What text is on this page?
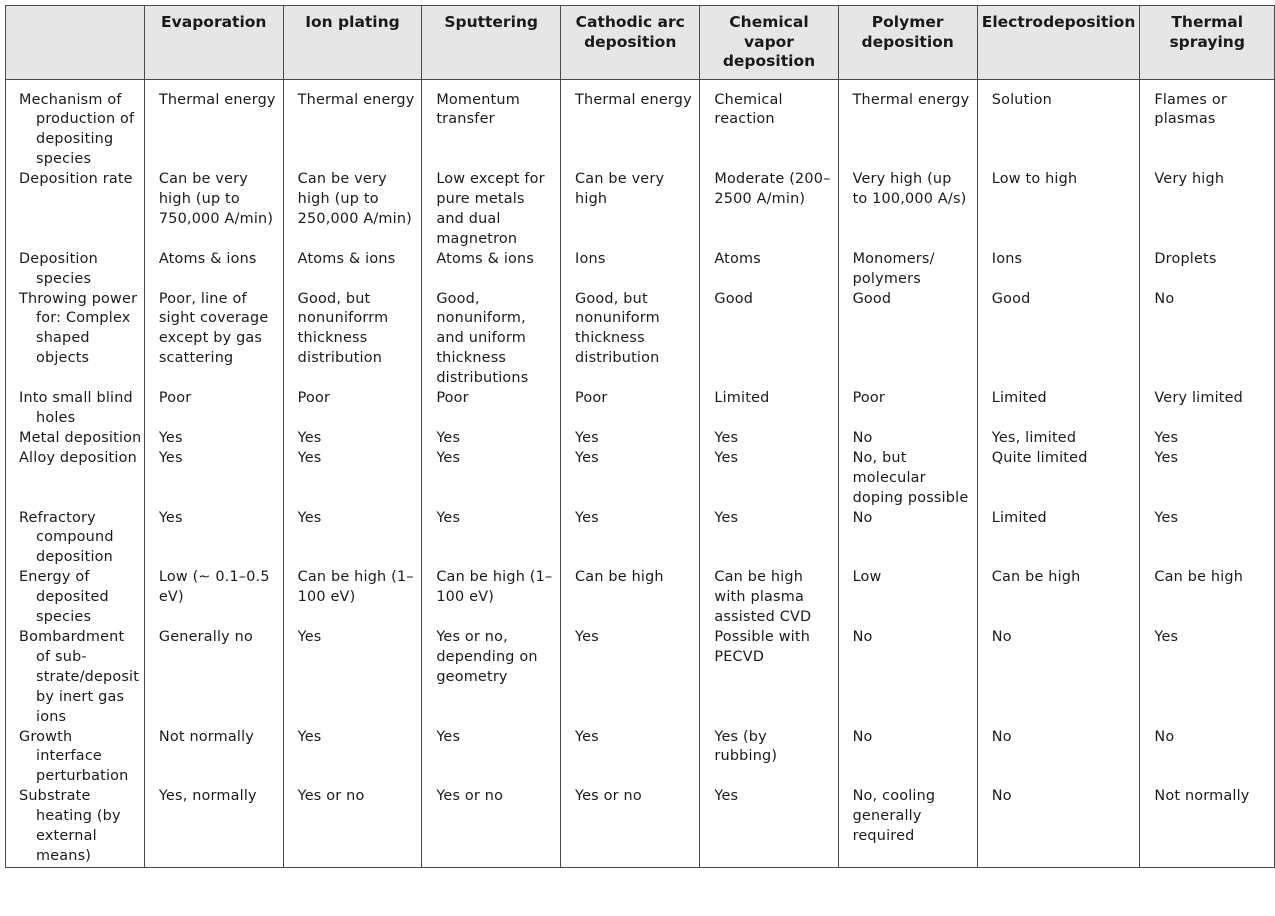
	Evaporation	Ion plating	Sputtering	Cathodic arc deposition	Chemical vapor deposition	Polymer deposition	Electrodeposition	Thermal spraying

Mechanism of production of depositing species	Thermal energy	Thermal energy	Momentum transfer	Thermal energy	Chemical reaction	Thermal energy	Solution	Flames or plasmas

Deposition rate	Can be very high (up to 750,000 A/min)	Can be very high (up to 250,000 A/min)	Low except for pure metals and dual magnetron	Can be very high	Moderate (200–2500 A/min)	Very high (up to 100,000 A/s)	Low to high	Very high

Deposition species	Atoms & ions	Atoms & ions	Atoms & ions	Ions	Atoms	Monomers/ polymers	Ions	Droplets

Throwing power for: Complex shaped objects	Poor, line of sight coverage except by gas scattering	Good, but nonuniforrm thickness distribution	Good, nonuniform, and uniform thickness distributions	Good, but nonuniform thickness distribution	Good	Good	Good	No

Into small blind holes	Poor	Poor	Poor	Poor	Limited	Poor	Limited	Very limited

Metal deposition	Yes	Yes	Yes	Yes	Yes	No	Yes, limited	Yes

Alloy deposition	Yes	Yes	Yes	Yes	Yes	No, but molecular doping possible	Quite limited	Yes

Refractory compound deposition	Yes	Yes	Yes	Yes	Yes	No	Limited	Yes

Energy of deposited species	Low (∼ 0.1–0.5 eV)	Can be high (1–100 eV)	Can be high (1–100 eV)	Can be high	Can be high with plasma assisted CVD	Low	Can be high	Can be high

Bombardment of sub- strate/deposit by inert gas ions	Generally no	Yes	Yes or no, depending on geometry	Yes	Possible with PECVD	No	No	Yes

Growth interface perturbation	Not normally	Yes	Yes	Yes	Yes (by rubbing)	No	No	No

Substrate heating (by external means)	Yes, normally	Yes or no	Yes or no	Yes or no	Yes	No, cooling generally required	No	Not normally
